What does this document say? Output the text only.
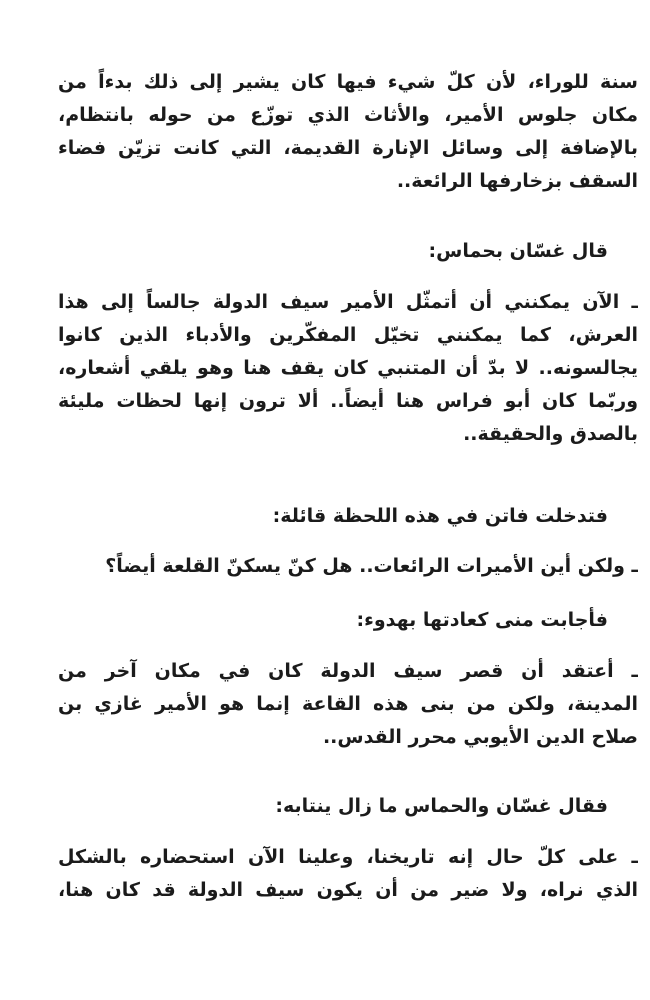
سنة للوراء، لأن كلّ شيء فيها كان يشير إلى ذلك بدءاً من
مكان جلوس الأمير، والأثاث الذي توزّع من حوله بانتظام،
بالإضافة إلى وسائل الإنارة القديمة، التي كانت تزيّن فضاء
السقف بزخارفها الرائعة..
قال غسّان بحماس:
ـ الآن يمكنني أن أتمثّل الأمير سيف الدولة جالساً إلى هذا
العرش، كما يمكنني تخيّل المفكّرين والأدباء الذين كانوا
يجالسونه.. لا بدّ أن المتنبي كان يقف هنا وهو يلقي أشعاره،
وربّما كان أبو فراس هنا أيضاً.. ألا ترون إنها لحظات مليئة
بالصدق والحقيقة..
فتدخلت فاتن في هذه اللحظة قائلة:
ـ ولكن أين الأميرات الرائعات.. هل كنّ يسكنّ القلعة أيضاً؟
فأجابت منى كعادتها بهدوء:
ـ أعتقد أن قصر سيف الدولة كان في مكان آخر من
المدينة، ولكن من بنى هذه القاعة إنما هو الأمير غازي بن
صلاح الدين الأيوبي محرر القدس..
فقال غسّان والحماس ما زال ينتابه:
ـ على كلّ حال إنه تاريخنا، وعلينا الآن استحضاره بالشكل
الذي نراه، ولا ضير من أن يكون سيف الدولة قد كان هنا،
